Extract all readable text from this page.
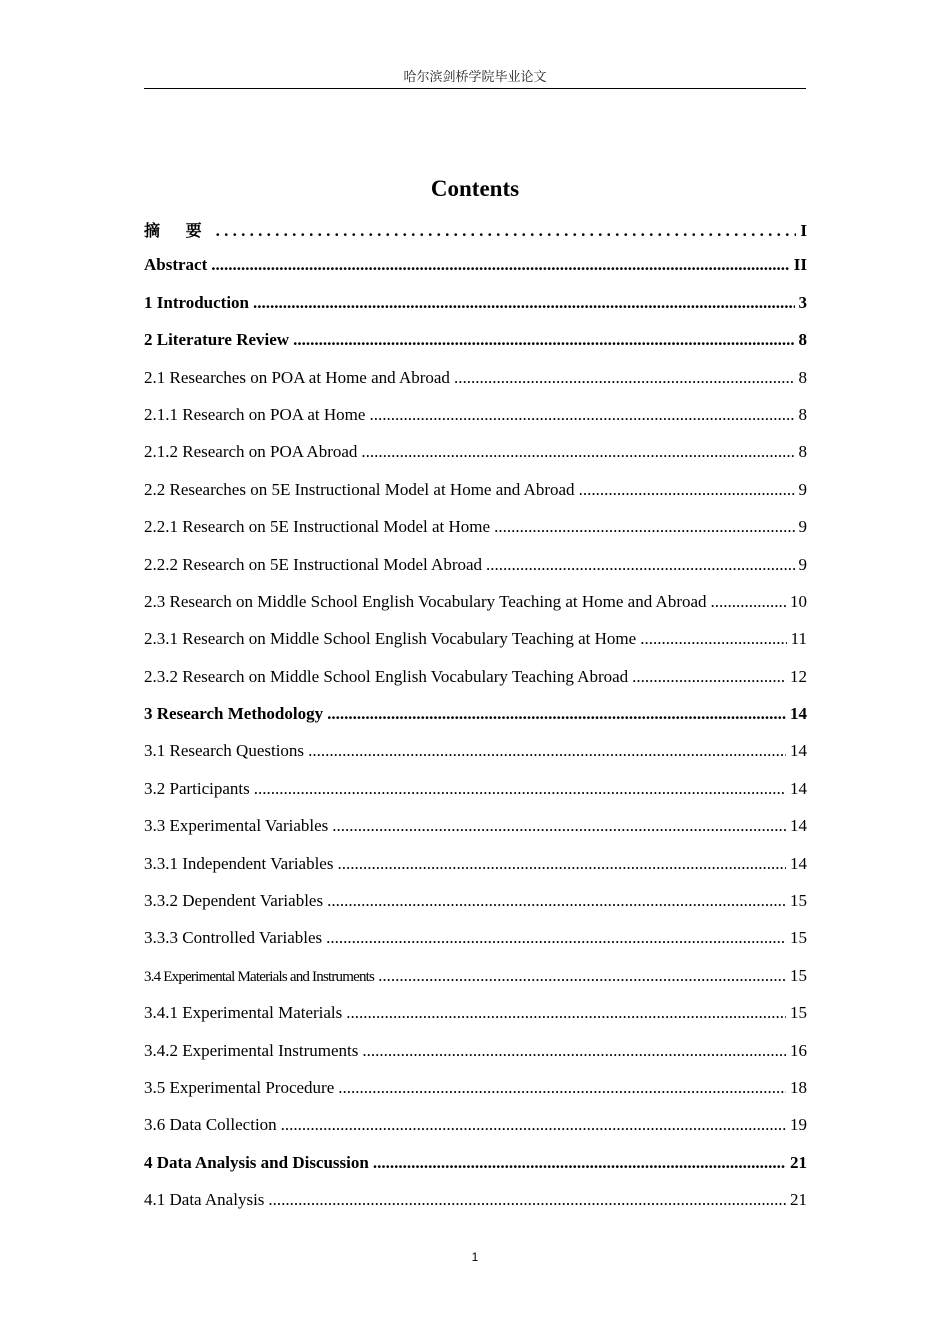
哈尔滨剑桥学院毕业论文
Contents
摘 要 . . .	I
Abstract .....	II
1 Introduction .....	3
2 Literature Review .....	8
2.1 Researches on POA at Home and Abroad .....	8
2.1.1 Research on POA at Home .....	8
2.1.2 Research on POA Abroad .....	8
2.2 Researches on 5E Instructional Model at Home and Abroad .....	9
2.2.1 Research on 5E Instructional Model at Home .....	9
2.2.2 Research on 5E Instructional Model Abroad .....	9
2.3 Research on Middle School English Vocabulary Teaching at Home and Abroad .....	10
2.3.1 Research on Middle School English Vocabulary Teaching at Home .....	11
2.3.2 Research on Middle School English Vocabulary Teaching Abroad .....	12
3 Research Methodology .....	14
3.1 Research Questions .....	14
3.2 Participants .....	14
3.3 Experimental Variables .....	14
3.3.1 Independent Variables .....	14
3.3.2 Dependent Variables .....	15
3.3.3 Controlled Variables .....	15
3.4 Experimental Materials and Instruments .....	15
3.4.1 Experimental Materials .....	15
3.4.2 Experimental Instruments .....	16
3.5 Experimental Procedure .....	18
3.6 Data Collection .....	19
4 Data Analysis and Discussion .....	21
4.1 Data Analysis .....	21
1
